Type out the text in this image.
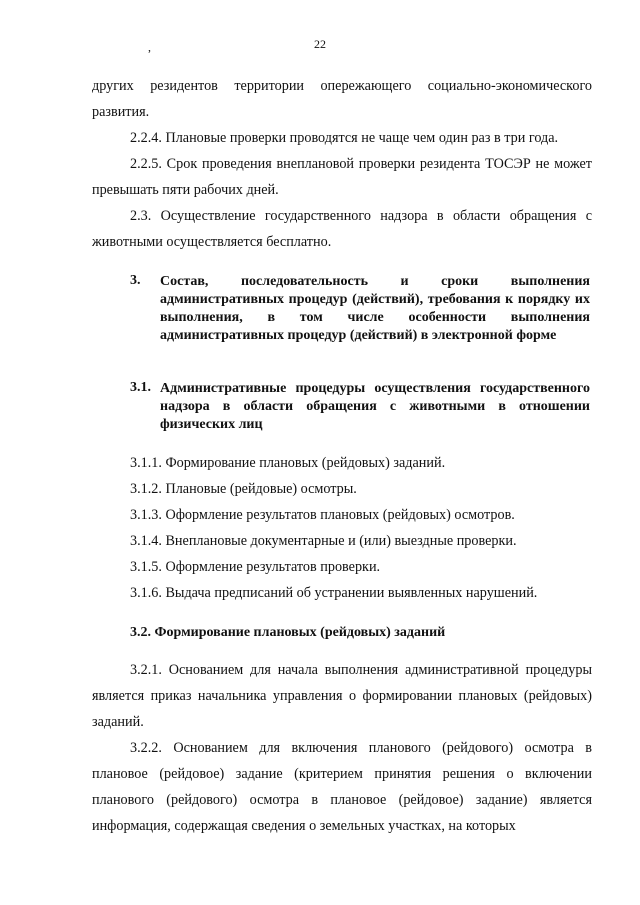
22
,
других резидентов территории опережающего социально-экономического развития.
2.2.4. Плановые проверки проводятся не чаще чем один раз в три года.
2.2.5. Срок проведения внеплановой проверки резидента ТОСЭР не может превышать пяти рабочих дней.
2.3. Осуществление государственного надзора в области обращения с животными осуществляется бесплатно.
3. Состав, последовательность и сроки выполнения административных процедур (действий), требования к порядку их выполнения, в том числе особенности выполнения административных процедур (действий) в электронной форме
3.1. Административные процедуры осуществления государственного надзора в области обращения с животными в отношении физических лиц
3.1.1. Формирование плановых (рейдовых) заданий.
3.1.2. Плановые (рейдовые) осмотры.
3.1.3. Оформление результатов плановых (рейдовых) осмотров.
3.1.4. Внеплановые документарные и (или) выездные проверки.
3.1.5. Оформление результатов проверки.
3.1.6. Выдача предписаний об устранении выявленных нарушений.
3.2. Формирование плановых (рейдовых) заданий
3.2.1. Основанием для начала выполнения административной процедуры является приказ начальника управления о формировании плановых (рейдовых) заданий.
3.2.2. Основанием для включения планового (рейдового) осмотра в плановое (рейдовое) задание (критерием принятия решения о включении планового (рейдового) осмотра в плановое (рейдовое) задание) является информация, содержащая сведения о земельных участках, на которых
